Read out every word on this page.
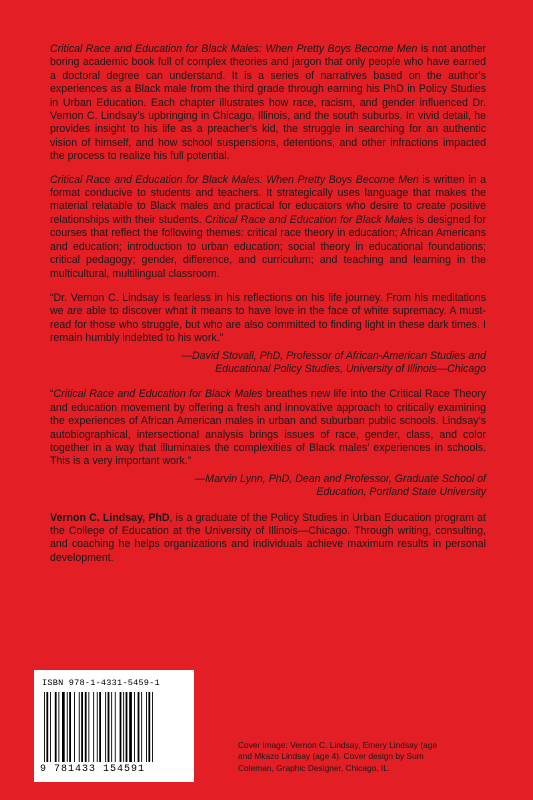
Critical Race and Education for Black Males: When Pretty Boys Become Men is not another boring academic book full of complex theories and jargon that only people who have earned a doctoral degree can understand. It is a series of narratives based on the author’s experiences as a Black male from the third grade through earning his PhD in Policy Studies in Urban Education. Each chapter illustrates how race, racism, and gender influenced Dr. Vernon C. Lindsay’s upbringing in Chicago, Illinois, and the south suburbs. In vivid detail, he provides insight to his life as a preacher’s kid, the struggle in searching for an authentic vision of himself, and how school suspensions, detentions, and other infractions impacted the process to realize his full potential.

Critical Race and Education for Black Males: When Pretty Boys Become Men is written in a format conducive to students and teachers. It strategically uses language that makes the material relatable to Black males and practical for educators who desire to create positive relationships with their students. Critical Race and Education for Black Males is designed for courses that reflect the following themes: critical race theory in education; African Americans and education; introduction to urban education; social theory in educational foundations; critical pedagogy; gender, difference, and curriculum; and teaching and learning in the multicultural, multilingual classroom.

“Dr. Vernon C. Lindsay is fearless in his reflections on his life journey. From his meditations we are able to discover what it means to have love in the face of white supremacy. A must-read for those who struggle, but who are also committed to finding light in these dark times. I remain humbly indebted to his work.”

—David Stovall, PhD, Professor of African-American Studies and
Educational Policy Studies, University of Illinois—Chicago

“Critical Race and Education for Black Males breathes new life into the Critical Race Theory and education movement by offering a fresh and innovative approach to critically examining the experiences of African American males in urban and suburban public schools. Lindsay’s autobiographical, intersectional analysis brings issues of race, gender, class, and color together in a way that illuminates the complexities of Black males’ experiences in schools. This is a very important work.”

—Marvin Lynn, PhD, Dean and Professor, Graduate School of
Education, Portland State University

Vernon C. Lindsay, PhD, is a graduate of the Policy Studies in Urban Education program at the College of Education at the University of Illinois—Chicago. Through writing, consulting, and coaching he helps organizations and individuals achieve maximum results in personal development.

ISBN 978-1-4331-5459-1
9 781433 154591
Cover image: Vernon C. Lindsay, Emery Lindsay (age
and Mkazo Lindsay (age 4). Cover design by Sum
Coleman, Graphic Designer, Chicago, IL.
